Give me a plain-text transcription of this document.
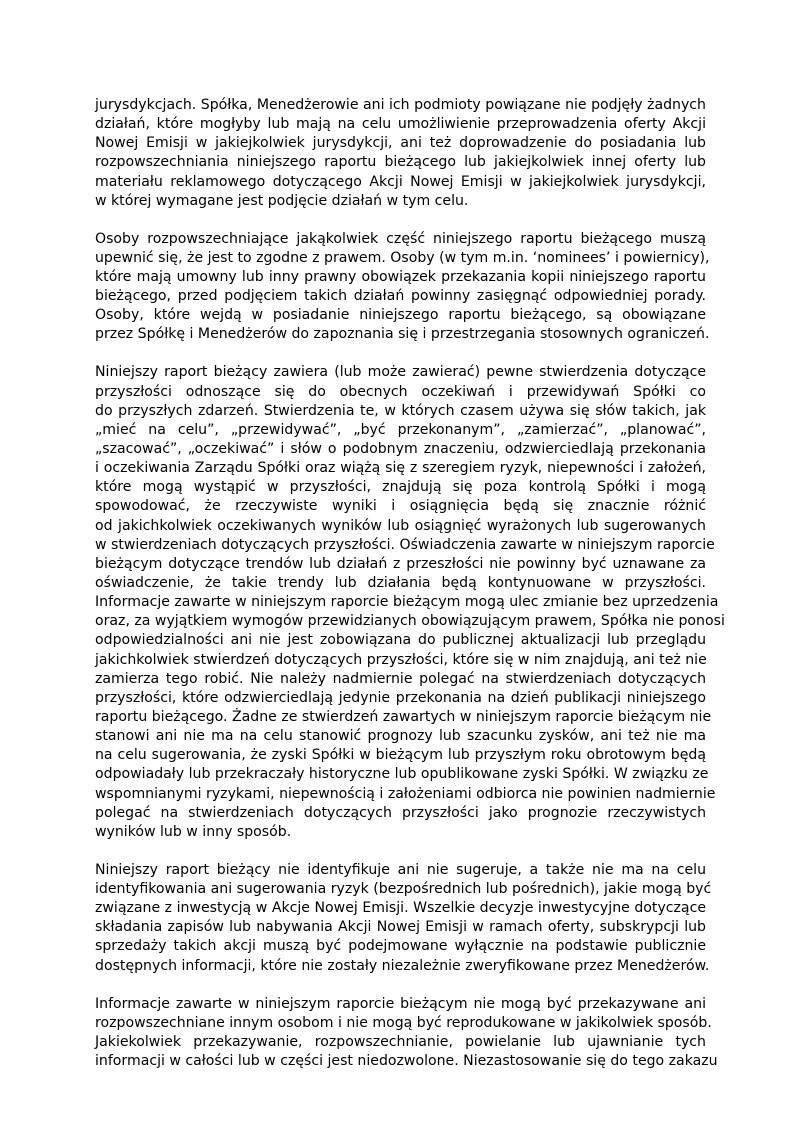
jurysdykcjach. Spółka, Menedżerowie ani ich podmioty powiązane nie podjęły żadnych
działań, które mogłyby lub mają na celu umożliwienie przeprowadzenia oferty Akcji
Nowej Emisji w jakiejkolwiek jurysdykcji, ani też doprowadzenie do posiadania lub
rozpowszechniania niniejszego raportu bieżącego lub jakiejkolwiek innej oferty lub
materiału reklamowego dotyczącego Akcji Nowej Emisji w jakiejkolwiek jurysdykcji,
w której wymagane jest podjęcie działań w tym celu.
Osoby rozpowszechniające jakąkolwiek część niniejszego raportu bieżącego muszą
upewnić się, że jest to zgodne z prawem. Osoby (w tym m.in. ‘nominees’ i powiernicy),
które mają umowny lub inny prawny obowiązek przekazania kopii niniejszego raportu
bieżącego, przed podjęciem takich działań powinny zasięgnąć odpowiedniej porady.
Osoby, które wejdą w posiadanie niniejszego raportu bieżącego, są obowiązane
przez Spółkę i Menedżerów do zapoznania się i przestrzegania stosownych ograniczeń.
Niniejszy raport bieżący zawiera (lub może zawierać) pewne stwierdzenia dotyczące
przyszłości odnoszące się do obecnych oczekiwań i przewidywań Spółki co
do przyszłych zdarzeń. Stwierdzenia te, w których czasem używa się słów takich, jak
„mieć na celu”, „przewidywać”, „być przekonanym”, „zamierzać”, „planować”,
„szacować”, „oczekiwać” i słów o podobnym znaczeniu, odzwierciedlają przekonania
i oczekiwania Zarządu Spółki oraz wiążą się z szeregiem ryzyk, niepewności i założeń,
które mogą wystąpić w przyszłości, znajdują się poza kontrolą Spółki i mogą
spowodować, że rzeczywiste wyniki i osiągnięcia będą się znacznie różnić
od jakichkolwiek oczekiwanych wyników lub osiągnięć wyrażonych lub sugerowanych
w stwierdzeniach dotyczących przyszłości. Oświadczenia zawarte w niniejszym raporcie
bieżącym dotyczące trendów lub działań z przeszłości nie powinny być uznawane za
oświadczenie, że takie trendy lub działania będą kontynuowane w przyszłości.
Informacje zawarte w niniejszym raporcie bieżącym mogą ulec zmianie bez uprzedzenia
oraz, za wyjątkiem wymogów przewidzianych obowiązującym prawem, Spółka nie ponosi
odpowiedzialności ani nie jest zobowiązana do publicznej aktualizacji lub przeglądu
jakichkolwiek stwierdzeń dotyczących przyszłości, które się w nim znajdują, ani też nie
zamierza tego robić. Nie należy nadmiernie polegać na stwierdzeniach dotyczących
przyszłości, które odzwierciedlają jedynie przekonania na dzień publikacji niniejszego
raportu bieżącego. Żadne ze stwierdzeń zawartych w niniejszym raporcie bieżącym nie
stanowi ani nie ma na celu stanowić prognozy lub szacunku zysków, ani też nie ma
na celu sugerowania, że zyski Spółki w bieżącym lub przyszłym roku obrotowym będą
odpowiadały lub przekraczały historyczne lub opublikowane zyski Spółki. W związku ze
wspomnianymi ryzykami, niepewnością i założeniami odbiorca nie powinien nadmiernie
polegać na stwierdzeniach dotyczących przyszłości jako prognozie rzeczywistych
wyników lub w inny sposób.
Niniejszy raport bieżący nie identyfikuje ani nie sugeruje, a także nie ma na celu
identyfikowania ani sugerowania ryzyk (bezpośrednich lub pośrednich), jakie mogą być
związane z inwestycją w Akcje Nowej Emisji. Wszelkie decyzje inwestycyjne dotyczące
składania zapisów lub nabywania Akcji Nowej Emisji w ramach oferty, subskrypcji lub
sprzedaży takich akcji muszą być podejmowane wyłącznie na podstawie publicznie
dostępnych informacji, które nie zostały niezależnie zweryfikowane przez Menedżerów.
Informacje zawarte w niniejszym raporcie bieżącym nie mogą być przekazywane ani
rozpowszechniane innym osobom i nie mogą być reprodukowane w jakikolwiek sposób.
Jakiekolwiek przekazywanie, rozpowszechnianie, powielanie lub ujawnianie tych
informacji w całości lub w części jest niedozwolone. Niezastosowanie się do tego zakazu
